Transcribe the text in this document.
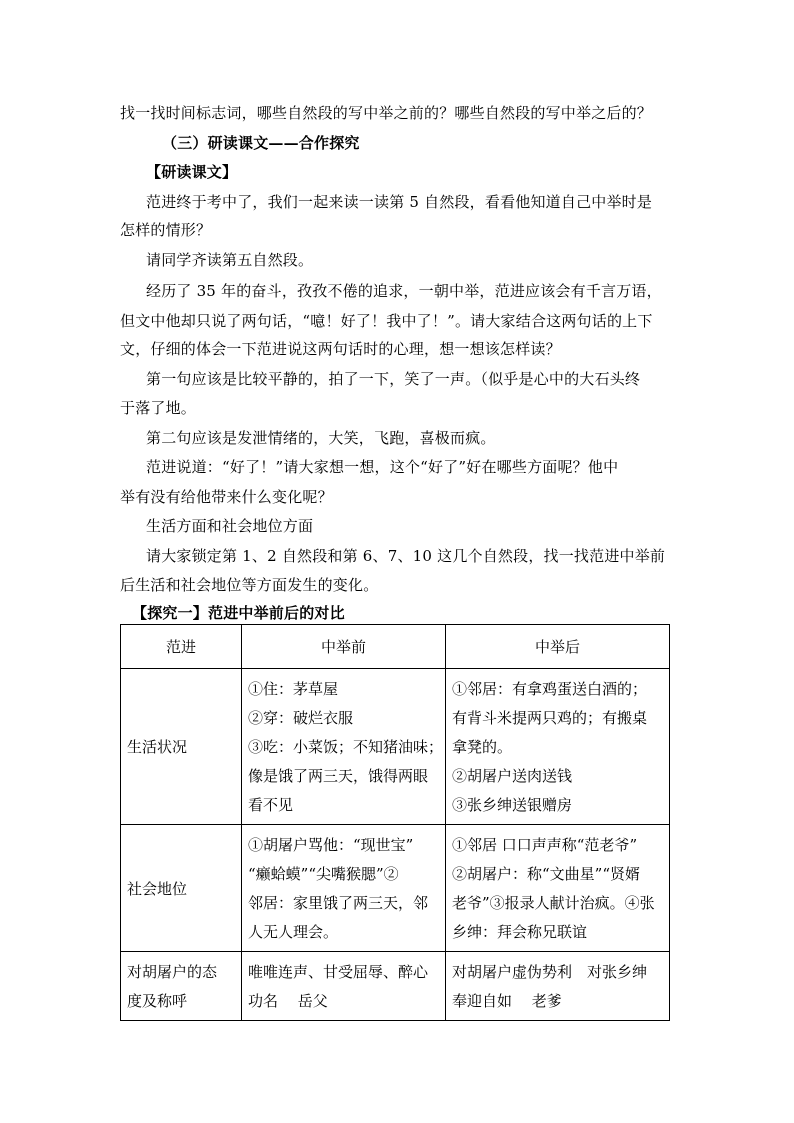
找一找时间标志词，哪些自然段的写中举之前的？哪些自然段的写中举之后的？
（三）研读课文——合作探究
【研读课文】
范进终于考中了，我们一起来读一读第 5 自然段，看看他知道自己中举时是
怎样的情形？
请同学齐读第五自然段。
经历了 35 年的奋斗，孜孜不倦的追求，一朝中举，范进应该会有千言万语，
但文中他却只说了两句话，“噫！好了！我中了！”。请大家结合这两句话的上下
文，仔细的体会一下范进说这两句话时的心理，想一想该怎样读？
第一句应该是比较平静的，拍了一下，笑了一声。（似乎是心中的大石头终
于落了地。
第二句应该是发泄情绪的，大笑，飞跑，喜极而疯。
范进说道：“好了！”请大家想一想，这个“好了”好在哪些方面呢？他中
举有没有给他带来什么变化呢？
生活方面和社会地位方面
请大家锁定第 1、2 自然段和第 6、7、10 这几个自然段，找一找范进中举前
后生活和社会地位等方面发生的变化。
【探究一】范进中举前后的对比
范进	中举前	中举后
生活状况	①住：茅草屋
②穿：破烂衣服
③吃：小菜饭；不知猪油味；
像是饿了两三天，饿得两眼
看不见	①邻居：有拿鸡蛋送白酒的；
有背斗米提两只鸡的；有搬桌
拿凳的。
②胡屠户送肉送钱
③张乡绅送银赠房

社会地位	①胡屠户骂他：“现世宝”
“癞蛤蟆”“尖嘴猴腮”②
邻居：家里饿了两三天，邻
人无人理会。	①邻居 口口声声称“范老爷”
②胡屠户：称“文曲星”“贤婿
老爷”③报录人献计治疯。④张
乡绅：拜会称兄联谊

对胡屠户的态
度及称呼	唯唯连声、甘受屈辱、醉心
功名　 岳父	对胡屠户虚伪势利　对张乡绅
奉迎自如　 老爹
